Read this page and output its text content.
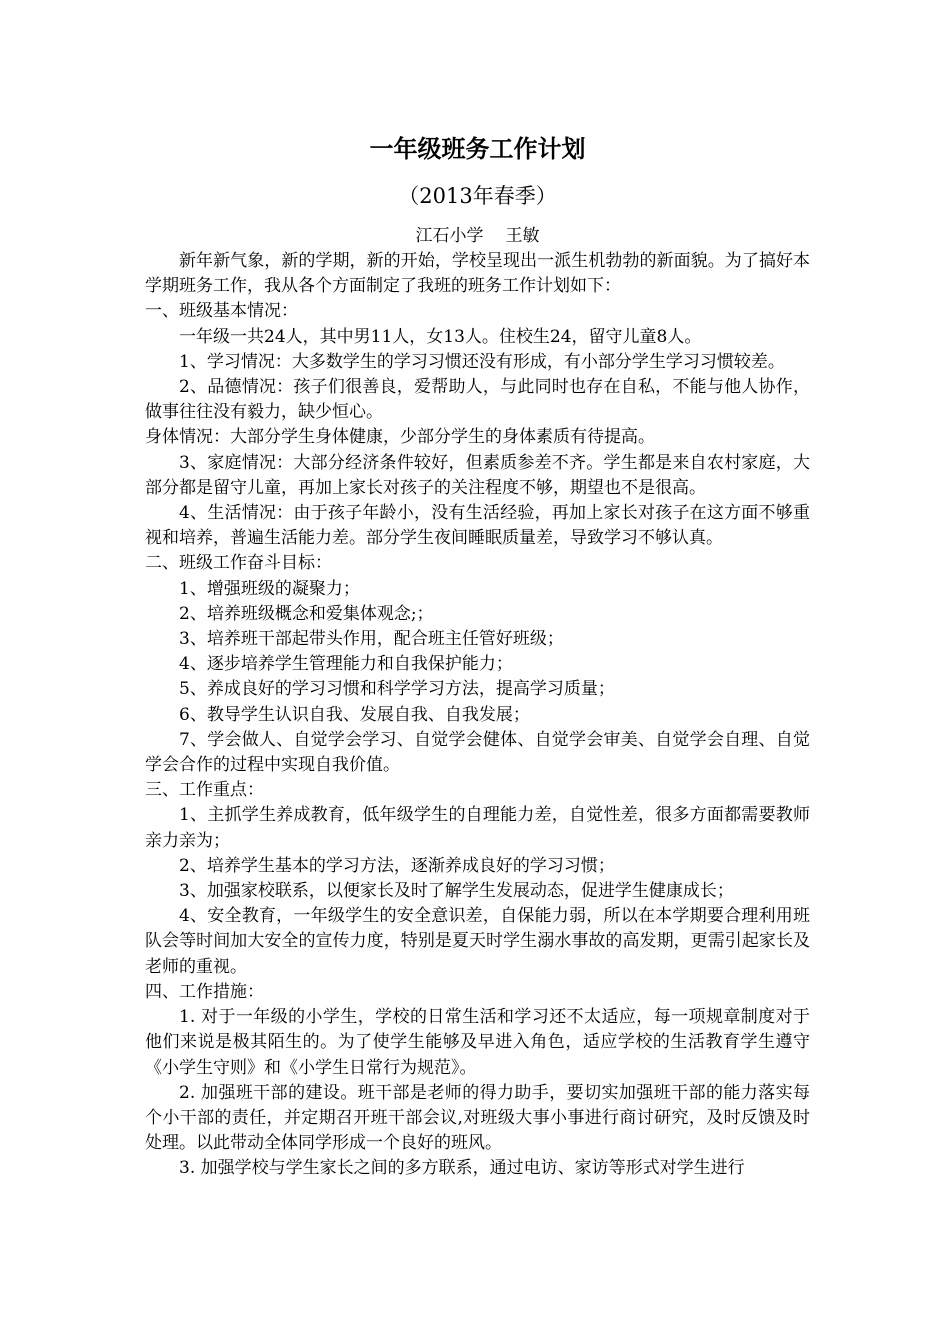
一年级班务工作计划
（2013年春季）
江石小学 王敏

新年新气象，新的学期，新的开始，学校呈现出一派生机勃勃的新面貌。为了搞好本学期班务工作，我从各个方面制定了我班的班务工作计划如下：

一、班级基本情况：

一年级一共24人，其中男11人，女13人。住校生24，留守儿童8人。

1、学习情况：大多数学生的学习习惯还没有形成，有小部分学生学习习惯较差。

2、品德情况：孩子们很善良，爱帮助人，与此同时也存在自私，不能与他人协作，做事往往没有毅力，缺少恒心。

身体情况：大部分学生身体健康，少部分学生的身体素质有待提高。

3、家庭情况：大部分经济条件较好，但素质参差不齐。学生都是来自农村家庭，大部分都是留守儿童，再加上家长对孩子的关注程度不够，期望也不是很高。

4、生活情况：由于孩子年龄小，没有生活经验，再加上家长对孩子在这方面不够重视和培养，普遍生活能力差。部分学生夜间睡眠质量差，导致学习不够认真。

二、班级工作奋斗目标：

1、增强班级的凝聚力；

2、培养班级概念和爱集体观念;；

3、培养班干部起带头作用，配合班主任管好班级；

4、逐步培养学生管理能力和自我保护能力；

5、养成良好的学习习惯和科学学习方法，提高学习质量；

6、教导学生认识自我、发展自我、自我发展；

7、学会做人、自觉学会学习、自觉学会健体、自觉学会审美、自觉学会自理、自觉学会合作的过程中实现自我价值。

三、工作重点：

1、主抓学生养成教育，低年级学生的自理能力差，自觉性差，很多方面都需要教师亲力亲为；

2、培养学生基本的学习方法，逐渐养成良好的学习习惯；

3、加强家校联系，以便家长及时了解学生发展动态，促进学生健康成长；

4、安全教育，一年级学生的安全意识差，自保能力弱，所以在本学期要合理利用班队会等时间加大安全的宣传力度，特别是夏天时学生溺水事故的高发期，更需引起家长及老师的重视。

四、工作措施：

1. 对于一年级的小学生，学校的日常生活和学习还不太适应，每一项规章制度对于他们来说是极其陌生的。为了使学生能够及早进入角色，适应学校的生活教育学生遵守《小学生守则》和《小学生日常行为规范》。

2. 加强班干部的建设。班干部是老师的得力助手，要切实加强班干部的能力落实每个小干部的责任，并定期召开班干部会议,对班级大事小事进行商讨研究，及时反馈及时处理。以此带动全体同学形成一个良好的班风。

3. 加强学校与学生家长之间的多方联系，通过电访、家访等形式对学生进行
